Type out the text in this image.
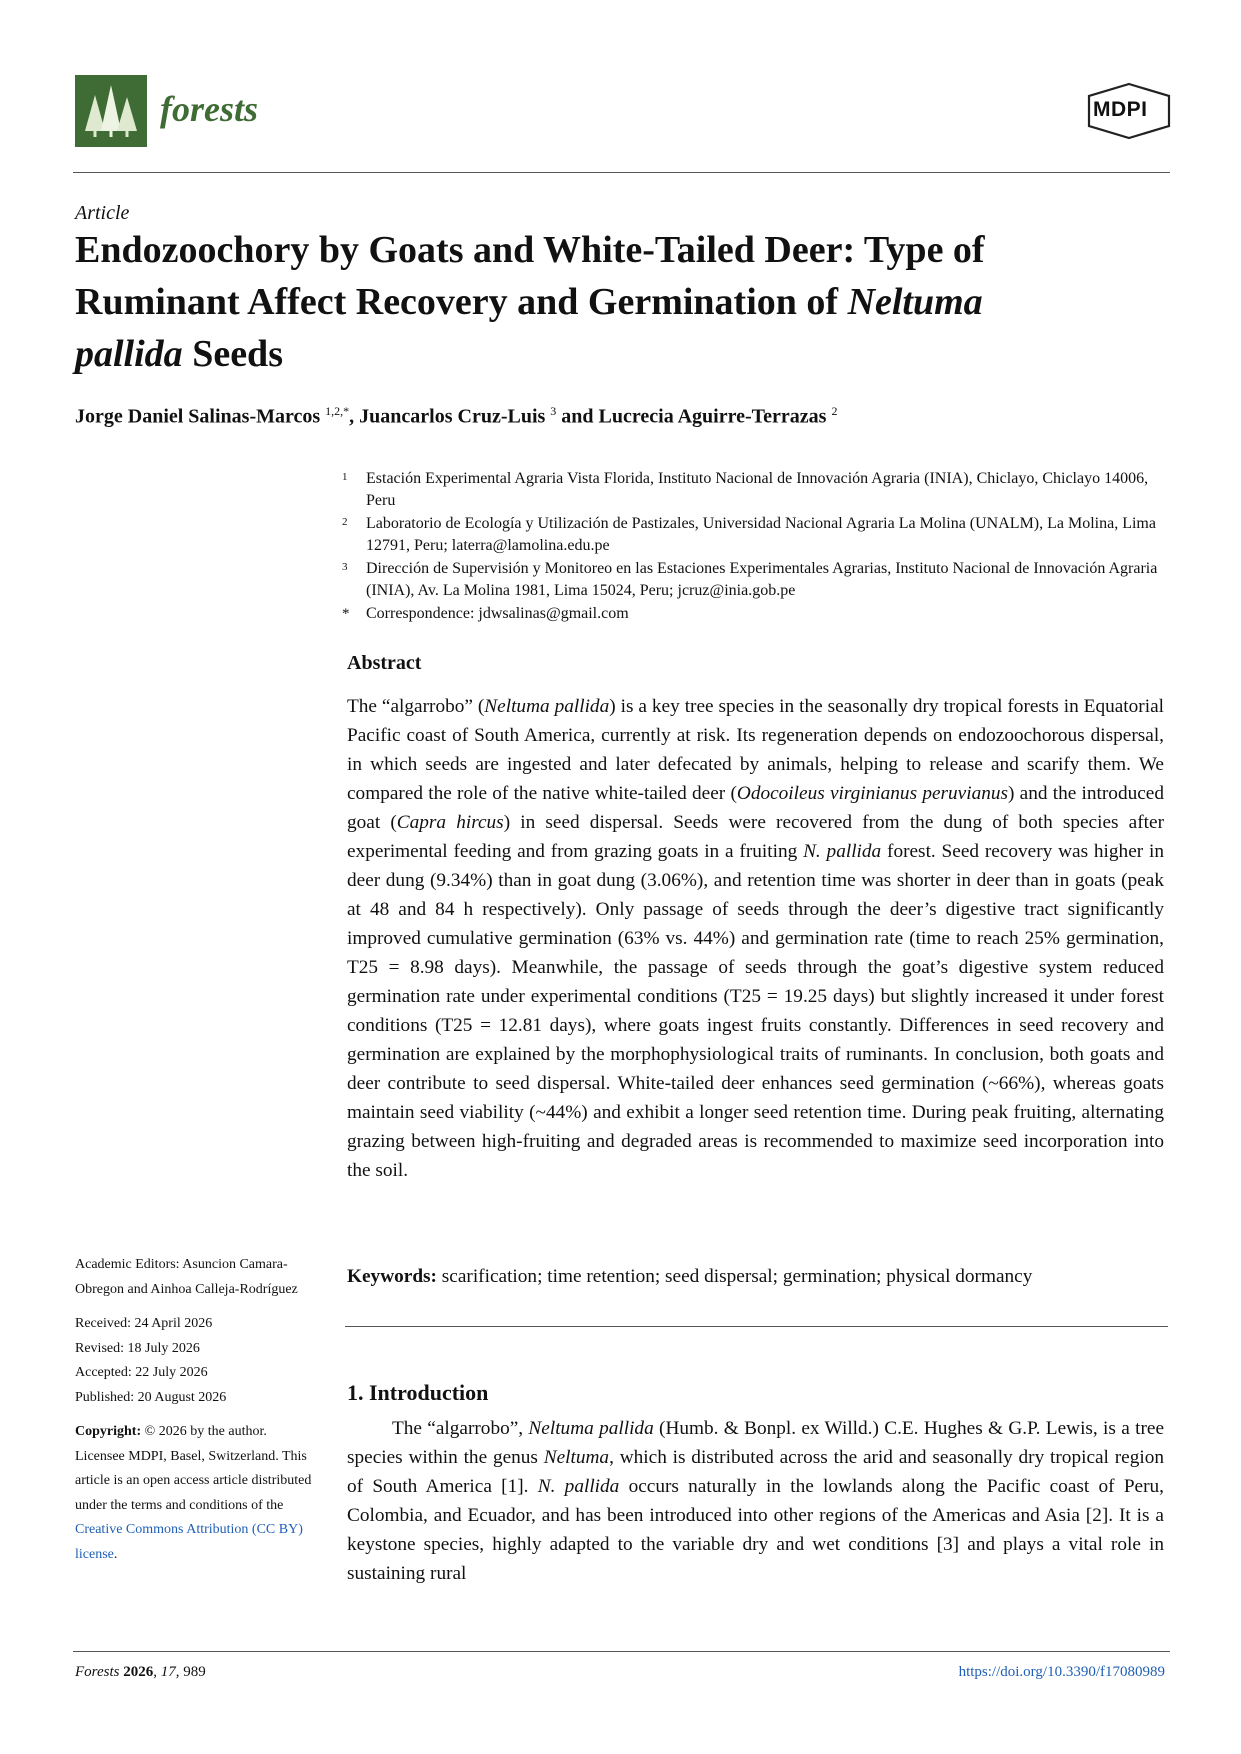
forests	MDPI
Article
Endozoochory by Goats and White-Tailed Deer: Type of Ruminant Affect Recovery and Germination of Neltuma pallida Seeds
Jorge Daniel Salinas-Marcos $^{1,2,*}$, Juancarlos Cruz-Luis $^3$ and Lucrecia Aguirre-Terrazas $^2$
1 Estación Experimental Agraria Vista Florida, Instituto Nacional de Innovación Agraria (INIA), Chiclayo, Chiclayo 14006, Peru
2 Laboratorio de Ecología y Utilización de Pastizales, Universidad Nacional Agraria La Molina (UNALM), La Molina, Lima 12791, Peru; laterra@lamolina.edu.pe
3 Dirección de Supervisión y Monitoreo en las Estaciones Experimentales Agrarias, Instituto Nacional de Innovación Agraria (INIA), Av. La Molina 1981, Lima 15024, Peru; jcruz@inia.gob.pe
* Correspondence: jdwsalinas@gmail.com
Abstract

The “algarrobo” (Neltuma pallida) is a key tree species in the seasonally dry tropical forests in Equatorial Pacific coast of South America, currently at risk. Its regeneration depends on endozoochorous dispersal, in which seeds are ingested and later defecated by animals, helping to release and scarify them. We compared the role of the native white-tailed deer (Odocoileus virginianus peruvianus) and the introduced goat (Capra hircus) in seed dispersal. Seeds were recovered from the dung of both species after experimental feeding and from grazing goats in a fruiting N. pallida forest. Seed recovery was higher in deer dung (9.34%) than in goat dung (3.06%), and retention time was shorter in deer than in goats (peak at 48 and 84 h respectively). Only passage of seeds through the deer’s digestive tract significantly improved cumulative germination (63% vs. 44%) and germination rate (time to reach 25% germination, T25 = 8.98 days). Meanwhile, the passage of seeds through the goat’s digestive system reduced germination rate under experimental conditions (T25 = 19.25 days) but slightly increased it under forest conditions (T25 = 12.81 days), where goats ingest fruits constantly. Differences in seed recovery and germination are explained by the morphophysiological traits of ruminants. In conclusion, both goats and deer contribute to seed dispersal. White-tailed deer enhances seed germination (~66%), whereas goats maintain seed viability (~44%) and exhibit a longer seed retention time. During peak fruiting, alternating grazing between high-fruiting and degraded areas is recommended to maximize seed incorporation into the soil.

Keywords: scarification; time retention; seed dispersal; germination; physical dormancy
Academic Editors: Asuncion Camara-Obregon and Ainhoa Calleja-Rodríguez
Received: 24 April 2026
Revised: 18 July 2026
Accepted: 22 July 2026
Published: 20 August 2026
Copyright: © 2026 by the author. Licensee MDPI, Basel, Switzerland. This article is an open access article distributed under the terms and conditions of the Creative Commons Attribution (CC BY) license.
1. Introduction

The “algarrobo”, Neltuma pallida (Humb. & Bonpl. ex Willd.) C.E. Hughes & G.P. Lewis, is a tree species within the genus Neltuma, which is distributed across the arid and seasonally dry tropical region of South America [1]. N. pallida occurs naturally in the lowlands along the Pacific coast of Peru, Colombia, and Ecuador, and has been introduced into other regions of the Americas and Asia [2]. It is a keystone species, highly adapted to the variable dry and wet conditions [3] and plays a vital role in sustaining rural

Forests 2026, 17, 989	https://doi.org/10.3390/f17080989
